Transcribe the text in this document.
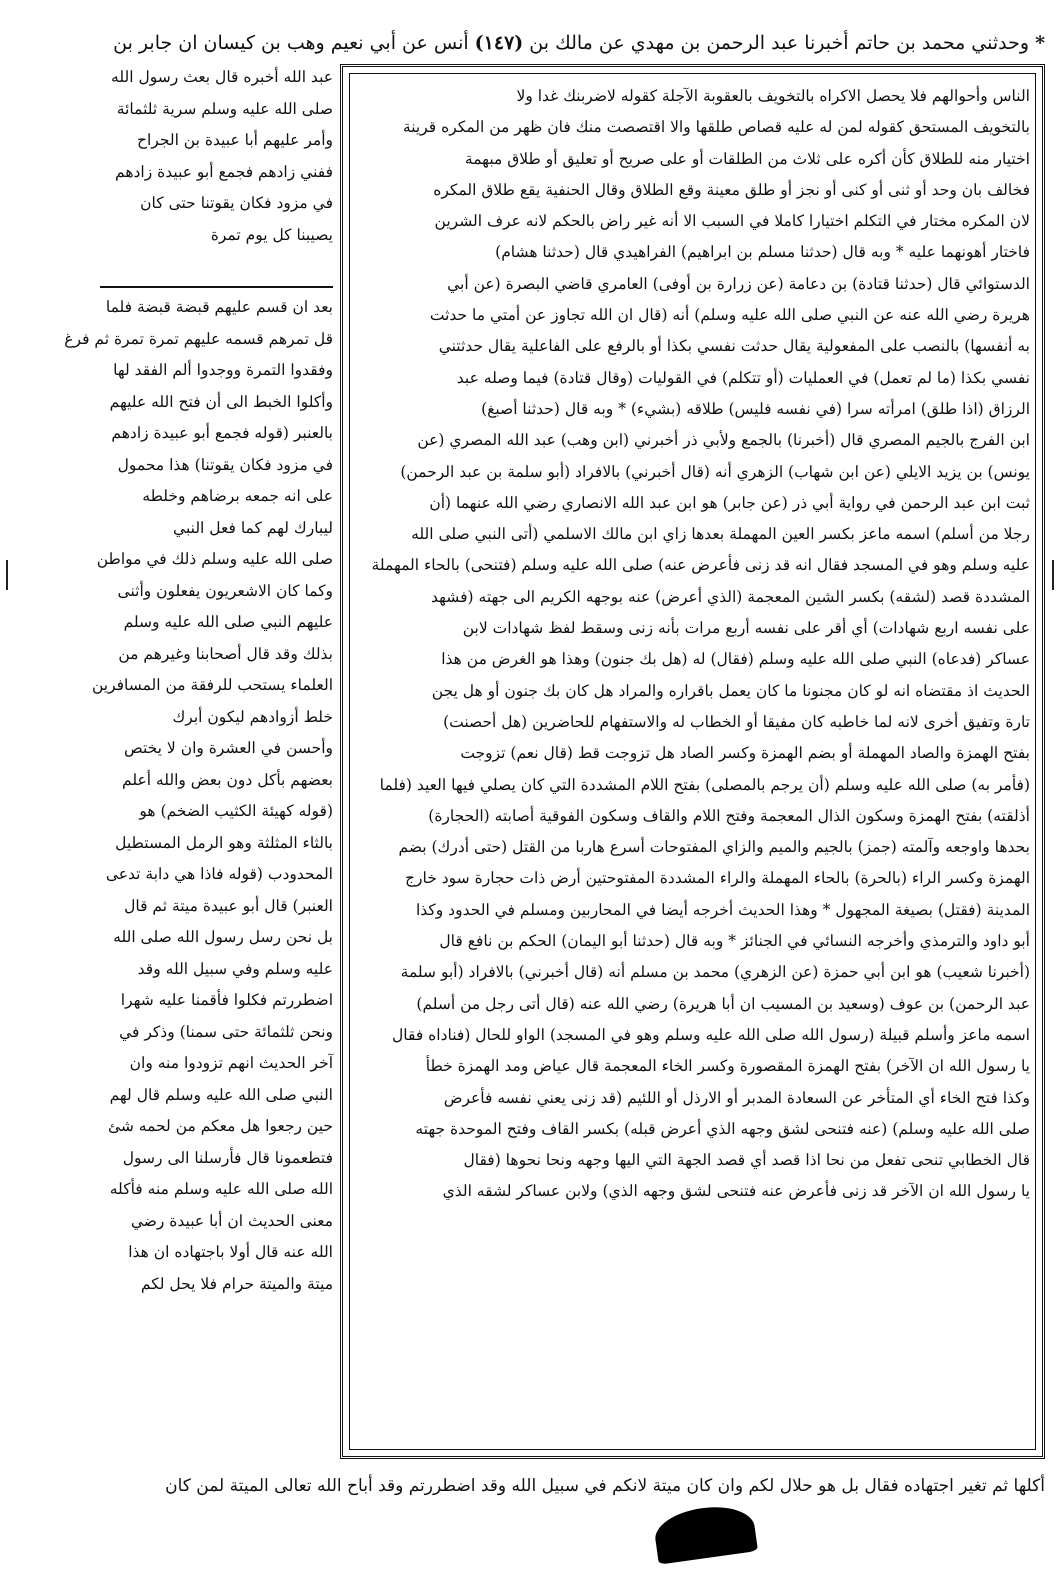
*وحدثني محمد بن حاتم أخبرنا عبد الرحمن بن مهدي عن مالك بن(١٤٧)أنس عن أبي نعيم وهب بن كيسان ان جابر بن

عبد الله أخبره قال بعث رسول الله

صلى الله عليه وسلم سرية ثلثمائة

وأمر عليهم أبا عبيدة بن الجراح

ففني زادهم فجمع أبو عبيدة زادهم

في مزود فكان يقوتنا حتى كان

يصيبنا كل يوم تمرة

بعد ان قسم عليهم قبضة قبضة فلما

قل تمرهم قسمه عليهم تمرة تمرة ثم فرغ

وفقدوا التمرة ووجدوا ألم الفقد لها

وأكلوا الخبط الى أن فتح الله عليهم

بالعنبر (قوله فجمع أبو عبيدة زادهم

في مزود فكان يقوتنا) هذا محمول

على انه جمعه برضاهم وخلطه

ليبارك لهم كما فعل النبي

صلى الله عليه وسلم ذلك في مواطن

وكما كان الاشعريون يفعلون وأثنى

عليهم النبي صلى الله عليه وسلم

بذلك وقد قال أصحابنا وغيرهم من

العلماء يستحب للرفقة من المسافرين

خلط أزوادهم ليكون أبرك

وأحسن في العشرة وان لا يختص

بعضهم بأكل دون بعض والله أعلم

(قوله كهيئة الكثيب الضخم) هو

بالثاء المثلثة وهو الرمل المستطيل

المحدودب (قوله فاذا هي دابة تدعى

العنبر) قال أبو عبيدة ميتة ثم قال

بل نحن رسل رسول الله صلى الله

عليه وسلم وفي سبيل الله وقد

اضطررتم فكلوا فأقمنا عليه شهرا

ونحن ثلثمائة حتى سمنا) وذكر في

آخر الحديث انهم تزودوا منه وان

النبي صلى الله عليه وسلم قال لهم

حين رجعوا هل معكم من لحمه شئ

فتطعمونا قال فأرسلنا الى رسول

الله صلى الله عليه وسلم منه فأكله

معنى الحديث ان أبا عبيدة رضي

الله عنه قال أولا باجتهاده ان هذا

ميتة والميتة حرام فلا يحل لكم

الناس وأحوالهم فلا يحصل الاكراه بالتخويف بالعقوبة الآجلة كقوله لاضربنك غدا ولا

بالتخويف المستحق كقوله لمن له عليه قصاص طلقها والا اقتصصت منك فان ظهر من المكره قرينة

اختيار منه للطلاق كأن أكره على ثلاث من الطلقات أو على صريح أو تعليق أو طلاق مبهمة

فخالف بان وحد أو ثنى أو كنى أو نجز أو طلق معينة وقع الطلاق وقال الحنفية يقع طلاق المكره

لان المكره مختار في التكلم اختيارا كاملا في السبب الا أنه غير راض بالحكم لانه عرف الشرين

فاختار أهونهما عليه * وبه قال (حدثنا مسلم بن ابراهيم) الفراهيدي قال (حدثنا هشام)

الدستوائي قال (حدثنا قتادة) بن دعامة (عن زرارة بن أوفى) العامري قاضي البصرة (عن أبي

هريرة رضي الله عنه عن النبي صلى الله عليه وسلم) أنه (قال ان الله تجاوز عن أمتي ما حدثت

به أنفسها) بالنصب على المفعولية يقال حدثت نفسي بكذا أو بالرفع على الفاعلية يقال حدثتني

نفسي بكذا (ما لم تعمل) في العمليات (أو تتكلم) في القوليات (وقال قتادة) فيما وصله عبد

الرزاق (اذا طلق) امرأته سرا (في نفسه فليس) طلاقه (بشيء) * وبه قال (حدثنا أصبغ)

ابن الفرج بالجيم المصري قال (أخبرنا) بالجمع ولأبي ذر أخبرني (ابن وهب) عبد الله المصري (عن

يونس) بن يزيد الايلي (عن ابن شهاب) الزهري أنه (قال أخبرني) بالافراد (أبو سلمة بن عبد الرحمن)

ثبت ابن عبد الرحمن في رواية أبي ذر (عن جابر) هو ابن عبد الله الانصاري رضي الله عنهما (أن

رجلا من أسلم) اسمه ماعز بكسر العين المهملة بعدها زاي ابن مالك الاسلمي (أتى النبي صلى الله

عليه وسلم وهو في المسجد فقال انه قد زنى فأعرض عنه) صلى الله عليه وسلم (فتنحى) بالحاء المهملة

المشددة قصد (لشقه) بكسر الشين المعجمة (الذي أعرض) عنه بوجهه الكريم الى جهته (فشهد

على نفسه اربع شهادات) أي أقر على نفسه أربع مرات بأنه زنى وسقط لفظ شهادات لابن

عساكر (فدعاه) النبي صلى الله عليه وسلم (فقال) له (هل بك جنون) وهذا هو الغرض من هذا

الحديث اذ مقتضاه انه لو كان مجنونا ما كان يعمل باقراره والمراد هل كان بك جنون أو هل يجن

تارة وتفيق أخرى لانه لما خاطبه كان مفيقا أو الخطاب له والاستفهام للحاضرين (هل أحصنت)

بفتح الهمزة والصاد المهملة أو بضم الهمزة وكسر الصاد هل تزوجت قط (قال نعم) تزوجت

(فأمر به) صلى الله عليه وسلم (أن يرجم بالمصلى) بفتح اللام المشددة التي كان يصلي فيها العيد (فلما

أذلقته) بفتح الهمزة وسكون الذال المعجمة وفتح اللام والقاف وسكون الفوقية أصابته (الحجارة)

بحدها واوجعه وآلمته (جمز) بالجيم والميم والزاي المفتوحات أسرع هاربا من القتل (حتى أدرك) بضم

الهمزة وكسر الراء (بالحرة) بالحاء المهملة والراء المشددة المفتوحتين أرض ذات حجارة سود خارج

المدينة (فقتل) بصيغة المجهول * وهذا الحديث أخرجه أيضا في المحاربين ومسلم في الحدود وكذا

أبو داود والترمذي وأخرجه النسائي في الجنائز * وبه قال (حدثنا أبو اليمان) الحكم بن نافع قال

(أخبرنا شعيب) هو ابن أبي حمزة (عن الزهري) محمد بن مسلم أنه (قال أخبرني) بالافراد (أبو سلمة

عبد الرحمن) بن عوف (وسعيد بن المسيب ان أبا هريرة) رضي الله عنه (قال أتى رجل من أسلم)

اسمه ماعز وأسلم قبيلة (رسول الله صلى الله عليه وسلم وهو في المسجد) الواو للحال (فناداه فقال

يا رسول الله ان الآخر) بفتح الهمزة المقصورة وكسر الخاء المعجمة قال عياض ومد الهمزة خطأ

وكذا فتح الخاء أي المتأخر عن السعادة المدبر أو الارذل أو اللئيم (قد زنى يعني نفسه فأعرض

صلى الله عليه وسلم) (عنه فتنحى لشق وجهه الذي أعرض قبله) بكسر القاف وفتح الموحدة جهته

قال الخطابي تنحى تفعل من نحا اذا قصد أي قصد الجهة التي اليها وجهه ونحا نحوها (فقال

يا رسول الله ان الآخر قد زنى فأعرض عنه فتنحى لشق وجهه الذي) ولابن عساكر لشقه الذي

أكلها ثم تغير اجتهاده فقال بل هو حلال لكم وان كان ميتة لانكم في سبيل الله وقد اضطررتم وقد أباح الله تعالى الميتة لمن كان
